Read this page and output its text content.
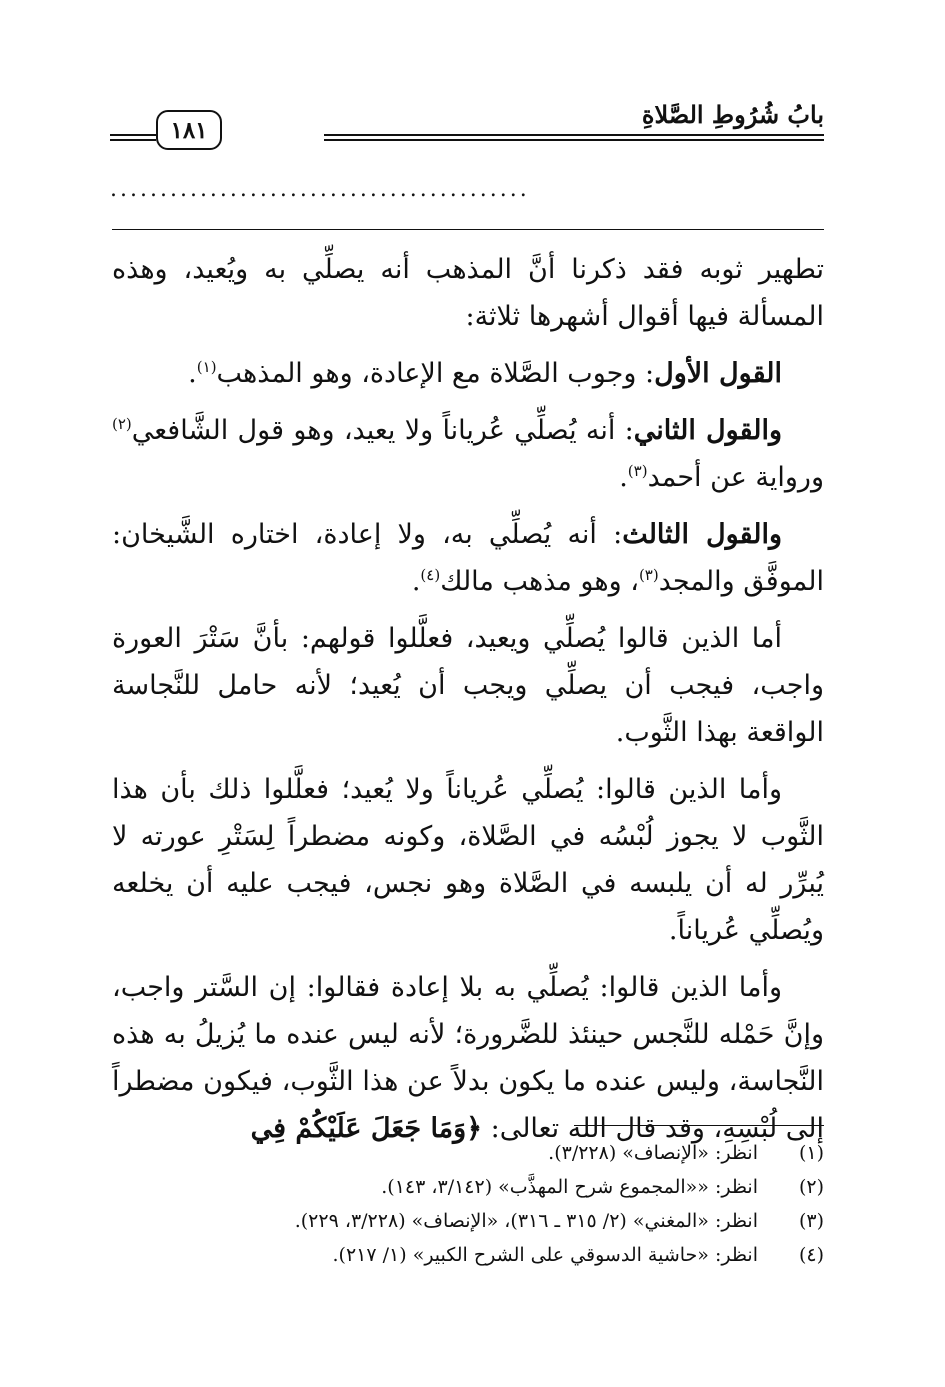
بابُ شُرُوطِ الصَّلاةِ
١٨١
..........................................

تطهير ثوبه فقد ذكرنا أنَّ المذهب أنه يصلِّي به ويُعيد، وهذه المسألة فيها أقوال أشهرها ثلاثة:

القول الأول: وجوب الصَّلاة مع الإعادة، وهو المذهب$^{(١)}$.

والقول الثاني: أنه يُصلِّي عُرياناً ولا يعيد، وهو قول الشَّافعي$^{(٢)}$ ورواية عن أحمد$^{(٣)}$.

والقول الثالث: أنه يُصلِّي به، ولا إعادة، اختاره الشَّيخان: الموفَّق والمجد$^{(٣)}$، وهو مذهب مالك$^{(٤)}$.

أما الذين قالوا يُصلِّي ويعيد، فعلَّلوا قولهم: بأنَّ سَتْرَ العورة واجب، فيجب أن يصلِّي ويجب أن يُعيد؛ لأنه حامل للنَّجاسة الواقعة بهذا الثَّوب.

وأما الذين قالوا: يُصلِّي عُرياناً ولا يُعيد؛ فعلَّلوا ذلك بأن هذا الثَّوب لا يجوز لُبْسُه في الصَّلاة، وكونه مضطراً لِسَتْرِ عورته لا يُبرِّر له أن يلبسه في الصَّلاة وهو نجس، فيجب عليه أن يخلعه ويُصلِّي عُرياناً.

وأما الذين قالوا: يُصلِّي به بلا إعادة فقالوا: إن السَّتر واجب، وإنَّ حَمْله للنَّجس حينئذ للضَّرورة؛ لأنه ليس عنده ما يُزيلُ به هذه النَّجاسة، وليس عنده ما يكون بدلاً عن هذا الثَّوب، فيكون مضطراً إلى لُبْسِهِ، وقد قال الله تعالى: ﴿وَمَا جَعَلَ عَلَيْكُمْ فِي

(١)
انظر: «الإنصاف» (٣/٢٢٨).
(٢)
انظر: ««المجموع شرح المهذَّب» (٣/١٤٢، ١٤٣).
(٣)
انظر: «المغني» (٢/ ٣١٥ ـ ٣١٦)، «الإنصاف» (٣/٢٢٨، ٢٢٩).
(٤)
انظر: «حاشية الدسوقي على الشرح الكبير» (١/ ٢١٧).
